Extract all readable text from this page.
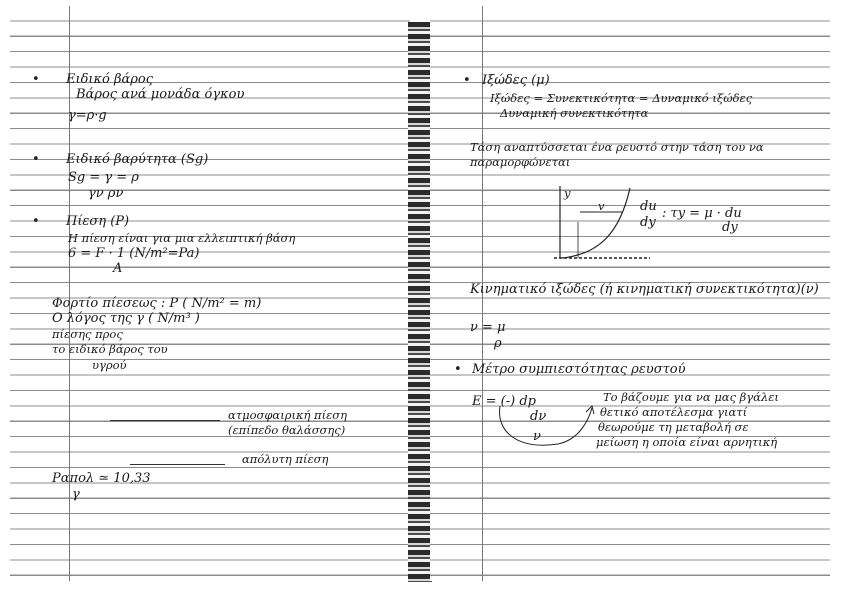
• Ειδικό βάρος
Βάρος ανά μονάδα όγκου
γ=ρ·g
• Ειδικό βαρύτητα (Sg)
Sg = γ = ρ
γν ρν
• Πίεση (P)
Η πίεση είναι για μια ελλειπτική βάση
6 = F · 1 (N/m²=Pa)
A
Φορτίο πίεσεως : P ( N/m² = m)
Ο λόγος της γ ( N/m³ )
πίεσης προς
το ειδικό βάρος του
υγρού
ατμοσφαιρική πίεση
(επίπεδο θαλάσσης)
απόλυτη πίεση
Pαπολ ≃ 10,33
γ
• Ιξώδες (μ)
Ιξώδες = Συνεκτικότητα = Δυναμικό ιξώδες
Δυναμική συνεκτικότητα
Τάση αναπτύσσεται ένα ρευστό στην τάση του να
παραμορφώνεται
y
v	du
dy
: τy = μ · du
dy
Κινηματικό ιξώδες (ή κινηματική συνεκτικότητα)(ν)
ν = μ
ρ
• Μέτρο συμπιεστότητας ρευστού
Ε = (-) dp
dν
ν
Το βάζουμε για να μας βγάλει
θετικό αποτέλεσμα γιατί
θεωρούμε τη μεταβολή σε
μείωση η οποία είναι αρνητική
